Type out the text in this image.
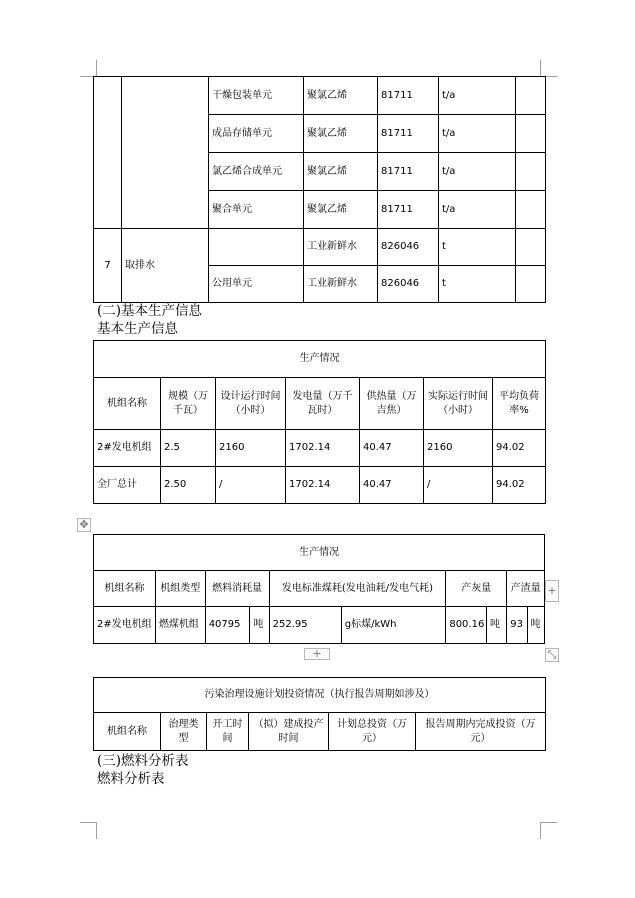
		干燥包装单元	聚氯乙烯	81711	t/a	
		成品存储单元	聚氯乙烯	81711	t/a	
		氯乙烯合成单元	聚氯乙烯	81711	t/a	
		聚合单元	聚氯乙烯	81711	t/a	
7	取排水		工业新鲜水	826046	t	
		公用单元	工业新鲜水	826046	t	
(二)基本生产信息
基本生产信息
生产情况						
机组名称	规模（万千瓦）	设计运行时间（小时）	发电量（万千瓦时）	供热量（万吉焦）	实际运行时间（小时）	平均负荷率%
2#发电机组	2.5	2160	1702.14	40.47	2160	94.02
全厂总计	2.50	/	1702.14	40.47	/	94.02
✥
生产情况									
机组名称	机组类型	燃料消耗量		发电标准煤耗(发电油耗/发电气耗)		产灰量		产渣量	
2#发电机组	燃煤机组	40795	吨	252.95	g标煤/kWh	800.16	吨	93	吨
+
+	⤡
污染治理设施计划投资情况（执行报告周期如涉及）
机组名称	治理类型	开工时间	（拟）建成投产时间	计划总投资（万元）	报告周期内完成投资（万元）
(三)燃料分析表
燃料分析表
